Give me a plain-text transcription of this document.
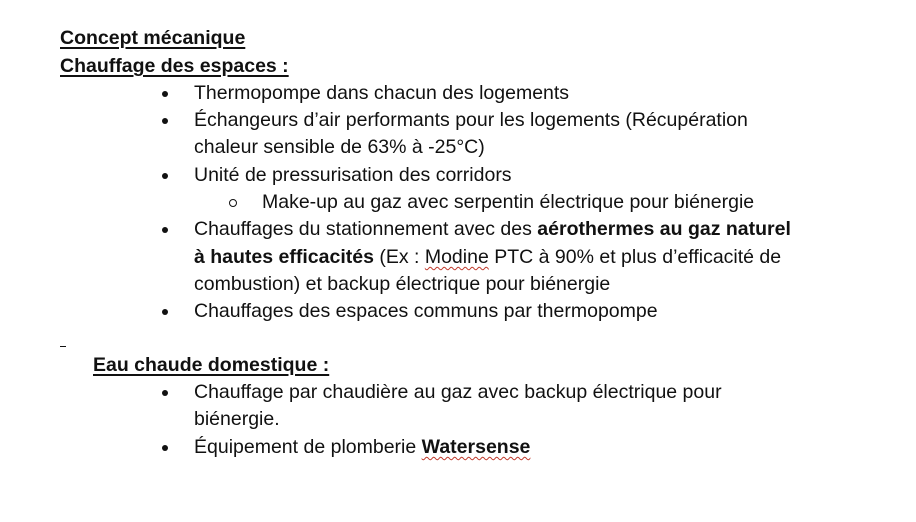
Concept mécanique
Chauffage des espaces :
Thermopompe dans chacun des logements
Échangeurs d’air performants pour les logements (Récupération
chaleur sensible de 63% à -25°C)
Unité de pressurisation des corridors
Make-up au gaz avec serpentin électrique pour biénergie
Chauffages du stationnement avec des aérothermes au gaz naturel
à hautes efficacités (Ex : Modine PTC à 90% et plus d’efficacité de
combustion) et backup électrique pour biénergie
Chauffages des espaces communs par thermopompe
Eau chaude domestique :
Chauffage par chaudière au gaz avec backup électrique pour
biénergie.
Équipement de plomberie Watersense
